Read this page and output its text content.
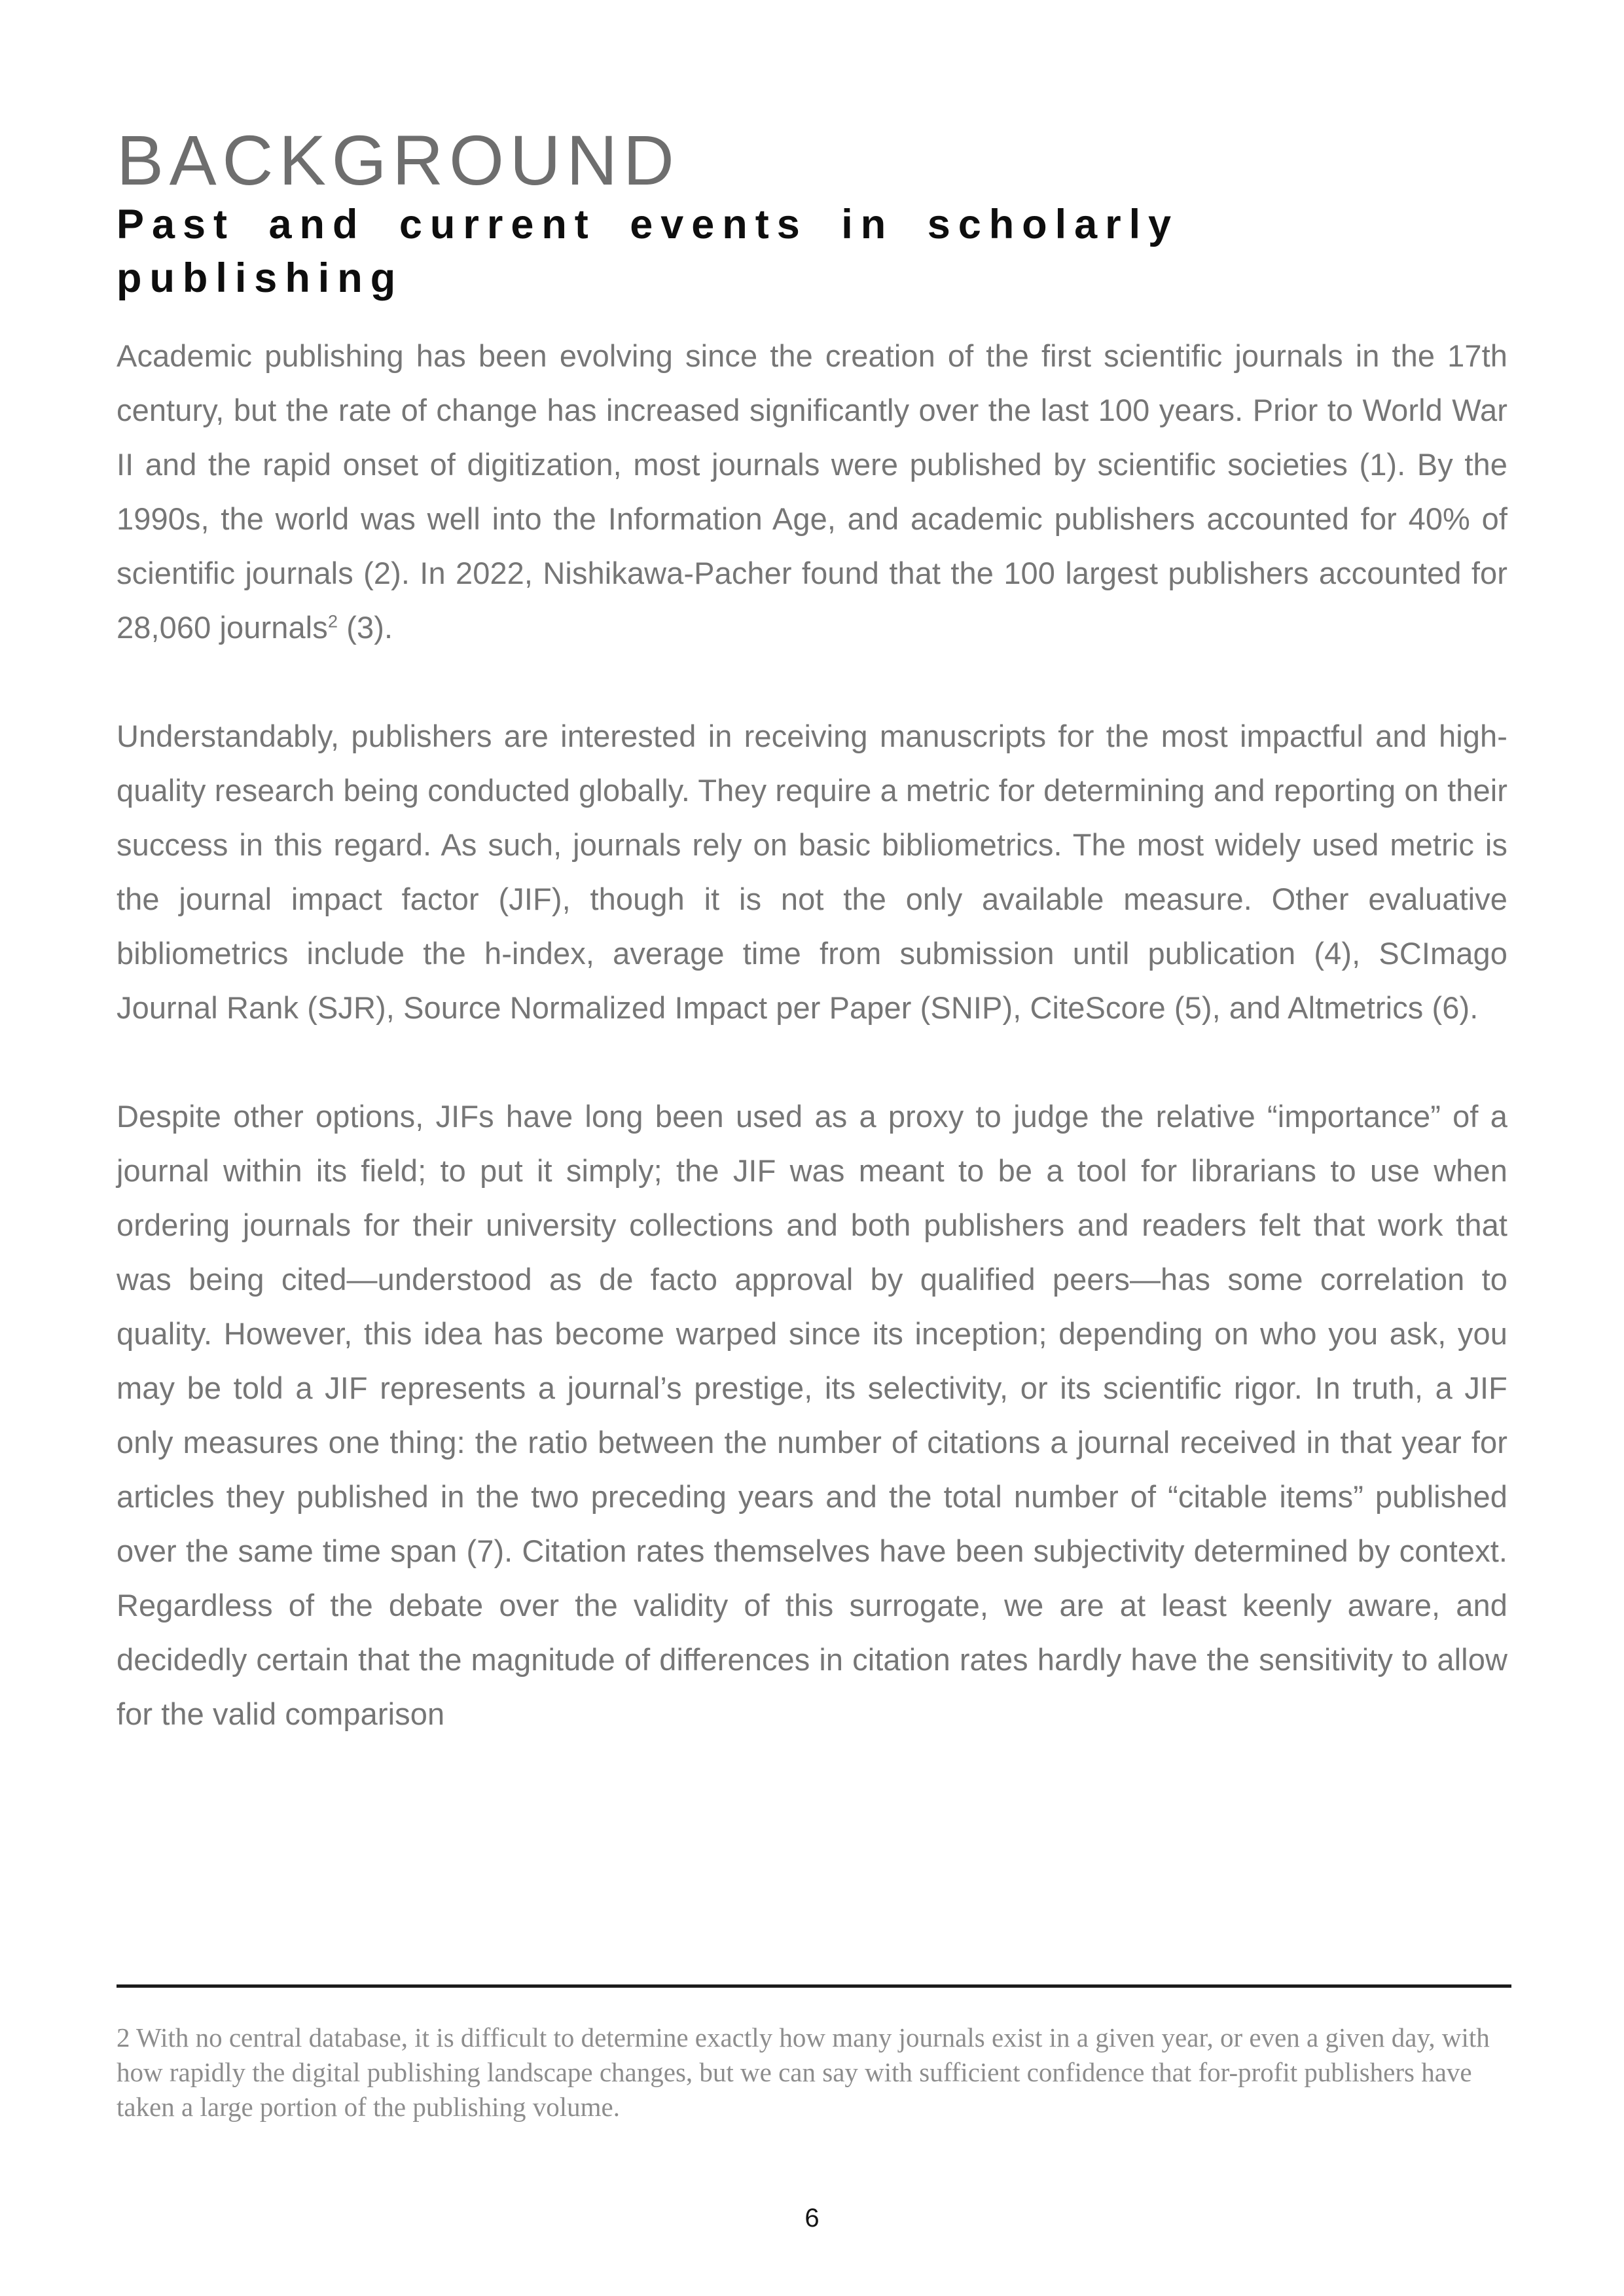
BACKGROUND
Past and current events in scholarly
publishing

Academic publishing has been evolving since the creation of the first scientific journals in the 17th century, but the rate of change has increased significantly over the last 100 years. Prior to World War II and the rapid onset of digitization, most journals were published by scientific societies (1). By the 1990s, the world was well into the Information Age, and academic publishers accounted for 40% of scientific journals (2). In 2022, Nishikawa-Pacher found that the 100 largest publishers accounted for 28,060 journals$^2$ (3).

Understandably, publishers are interested in receiving manuscripts for the most impactful and high-quality research being conducted globally. They require a metric for determining and reporting on their success in this regard. As such, journals rely on basic bibliometrics. The most widely used metric is the journal impact factor (JIF), though it is not the only available measure. Other evaluative bibliometrics include the h-index, average time from submission until publication (4), SCImago Journal Rank (SJR), Source Normalized Impact per Paper (SNIP), CiteScore (5), and Altmetrics (6).

Despite other options, JIFs have long been used as a proxy to judge the relative “importance” of a journal within its field; to put it simply; the JIF was meant to be a tool for librarians to use when ordering journals for their university collections and both publishers and readers felt that work that was being cited—understood as de facto approval by qualified peers—has some correlation to quality. However, this idea has become warped since its inception; depending on who you ask, you may be told a JIF represents a journal’s prestige, its selectivity, or its scientific rigor. In truth, a JIF only measures one thing: the ratio between the number of citations a journal received in that year for articles they published in the two preceding years and the total number of “citable items” published over the same time span (7). Citation rates themselves have been subjectivity determined by context. Regardless of the debate over the validity of this surrogate, we are at least keenly aware, and decidedly certain that the magnitude of differences in citation rates hardly have the sensitivity to allow for the valid comparison

2 With no central database, it is difficult to determine exactly how many journals exist in a given year, or even a given day, with how rapidly the digital publishing landscape changes, but we can say with sufficient confidence that for-profit publishers have taken a large portion of the publishing volume.

6
